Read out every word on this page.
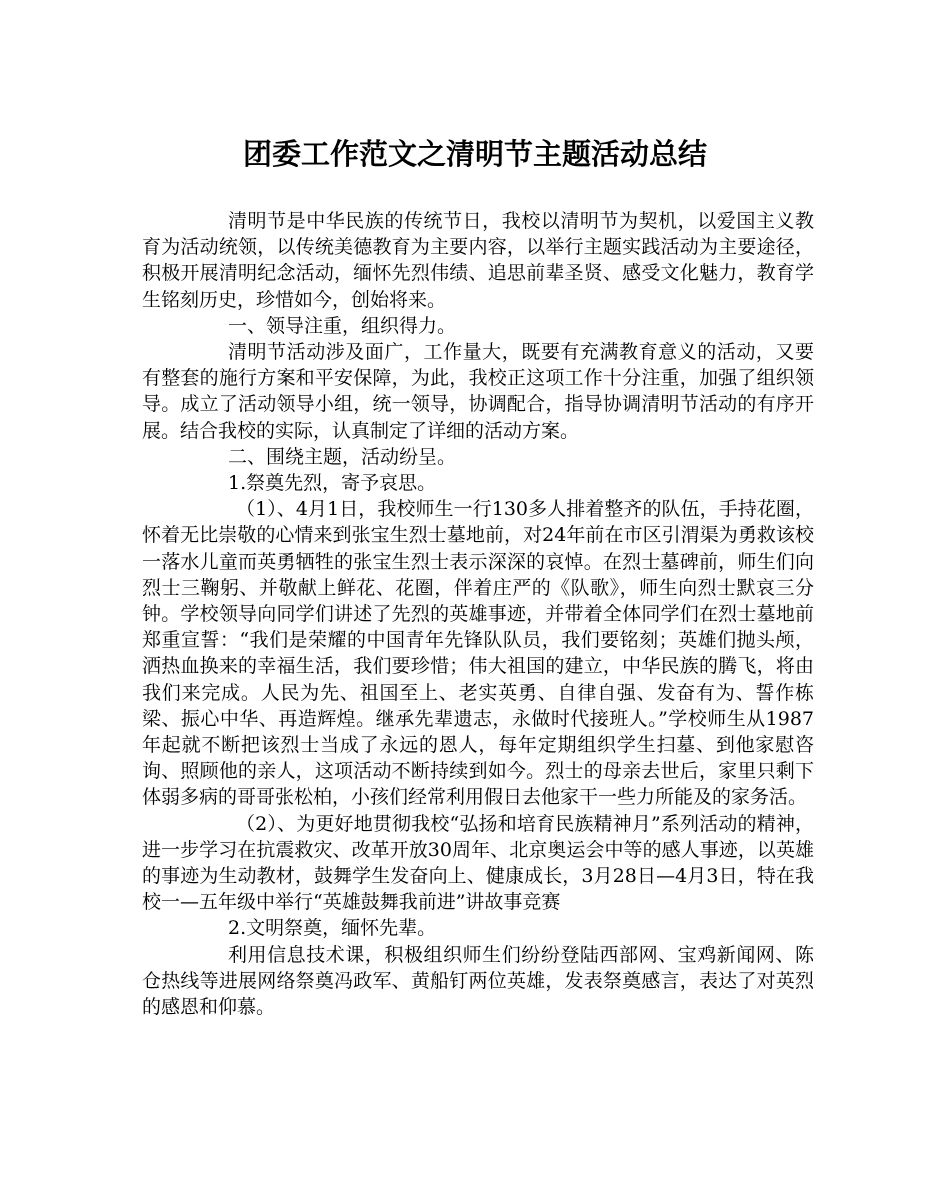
团委工作范文之清明节主题活动总结

清明节是中华民族的传统节日，我校以清明节为契机，以爱国主义教育为活动统领，以传统美德教育为主要内容，以举行主题实践活动为主要途径，积极开展清明纪念活动，缅怀先烈伟绩、追思前辈圣贤、感受文化魅力，教育学生铭刻历史，珍惜如今，创始将来。

一、领导注重，组织得力。

清明节活动涉及面广，工作量大，既要有充满教育意义的活动，又要有整套的施行方案和平安保障，为此，我校正这项工作十分注重，加强了组织领导。成立了活动领导小组，统一领导，协调配合，指导协调清明节活动的有序开展。结合我校的实际，认真制定了详细的活动方案。

二、围绕主题，活动纷呈。

1.祭奠先烈，寄予哀思。

（1）、4月1日，我校师生一行130多人排着整齐的队伍，手持花圈，怀着无比崇敬的心情来到张宝生烈士墓地前，对24年前在市区引渭渠为勇救该校一落水儿童而英勇牺牲的张宝生烈士表示深深的哀悼。在烈士墓碑前，师生们向烈士三鞠躬、并敬献上鲜花、花圈，伴着庄严的《队歌》，师生向烈士默哀三分钟。学校领导向同学们讲述了先烈的英雄事迹，并带着全体同学们在烈士墓地前郑重宣誓：“我们是荣耀的中国青年先锋队队员，我们要铭刻；英雄们抛头颅，洒热血换来的幸福生活，我们要珍惜；伟大祖国的建立，中华民族的腾飞，将由我们来完成。人民为先、祖国至上、老实英勇、自律自强、发奋有为、誓作栋梁、振心中华、再造辉煌。继承先辈遗志，永做时代接班人。”学校师生从1987年起就不断把该烈士当成了永远的恩人，每年定期组织学生扫墓、到他家慰咨询、照顾他的亲人，这项活动不断持续到如今。烈士的母亲去世后，家里只剩下体弱多病的哥哥张松柏，小孩们经常利用假日去他家干一些力所能及的家务活。

（2）、为更好地贯彻我校“弘扬和培育民族精神月”系列活动的精神，进一步学习在抗震救灾、改革开放30周年、北京奥运会中等的感人事迹，以英雄的事迹为生动教材，鼓舞学生发奋向上、健康成长，3月28日—4月3日，特在我校一—五年级中举行“英雄鼓舞我前进”讲故事竞赛

2.文明祭奠，缅怀先辈。

利用信息技术课，积极组织师生们纷纷登陆西部网、宝鸡新闻网、陈仓热线等进展网络祭奠冯政军、黄船钉两位英雄，发表祭奠感言，表达了对英烈的感恩和仰慕。
